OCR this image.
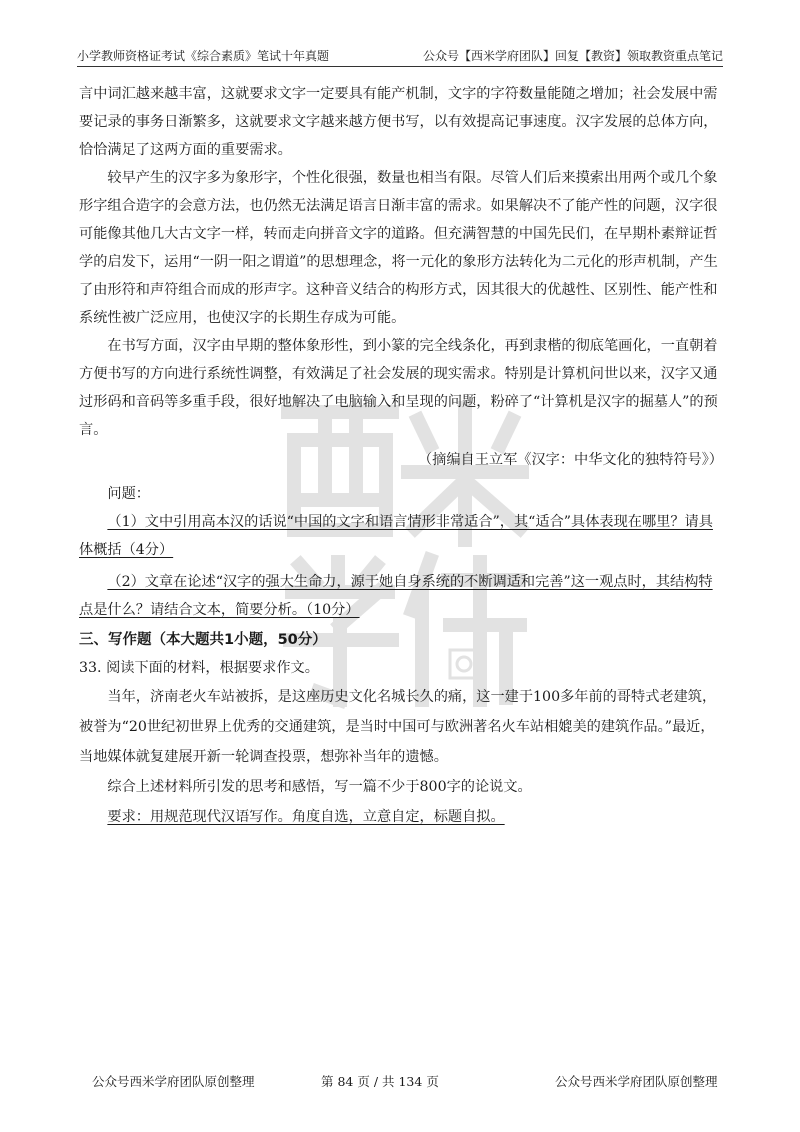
小学教师资格证考试《综合素质》笔试十年真题	公众号【西米学府团队】回复【教资】领取教资重点笔记

言中词汇越来越丰富，这就要求文字一定要具有能产机制，文字的字符数量能随之增加；社会发展中需要记录的事务日渐繁多，这就要求文字越来越方便书写，以有效提高记事速度。汉字发展的总体方向，恰恰满足了这两方面的重要需求。

较早产生的汉字多为象形字，个性化很强，数量也相当有限。尽管人们后来摸索出用两个或几个象形字组合造字的会意方法，也仍然无法满足语言日渐丰富的需求。如果解决不了能产性的问题，汉字很可能像其他几大古文字一样，转而走向拼音文字的道路。但充满智慧的中国先民们，在早期朴素辩证哲学的启发下，运用“一阴一阳之谓道”的思想理念，将一元化的象形方法转化为二元化的形声机制，产生了由形符和声符组合而成的形声字。这种音义结合的构形方式，因其很大的优越性、区别性、能产性和系统性被广泛应用，也使汉字的长期生存成为可能。

在书写方面，汉字由早期的整体象形性，到小篆的完全线条化，再到隶楷的彻底笔画化，一直朝着方便书写的方向进行系统性调整，有效满足了社会发展的现实需求。特别是计算机问世以来，汉字又通过形码和音码等多重手段，很好地解决了电脑输入和呈现的问题，粉碎了“计算机是汉字的掘墓人”的预言。

（摘编自王立军《汉字：中华文化的独特符号》）

问题：

（1）文中引用高本汉的话说“中国的文字和语言情形非常适合”，其“适合”具体表现在哪里？请具体概括（4分）

（2）文章在论述“汉字的强大生命力，源于她自身系统的不断调适和完善”这一观点时，其结构特点是什么？请结合文本，简要分析。（10分）

三、写作题（本大题共1小题，50分）

33. 阅读下面的材料，根据要求作文。

当年，济南老火车站被拆，是这座历史文化名城长久的痛，这一建于100多年前的哥特式老建筑，被誉为“20世纪初世界上优秀的交通建筑，是当时中国可与欧洲著名火车站相媲美的建筑作品。”最近，当地媒体就复建展开新一轮调查投票，想弥补当年的遗憾。

综合上述材料所引发的思考和感悟，写一篇不少于800字的论说文。

要求：用规范现代汉语写作。角度自选，立意自定，标题自拟。

公众号西米学府团队原创整理	第 84 页 / 共 134 页	公众号西米学府团队原创整理
